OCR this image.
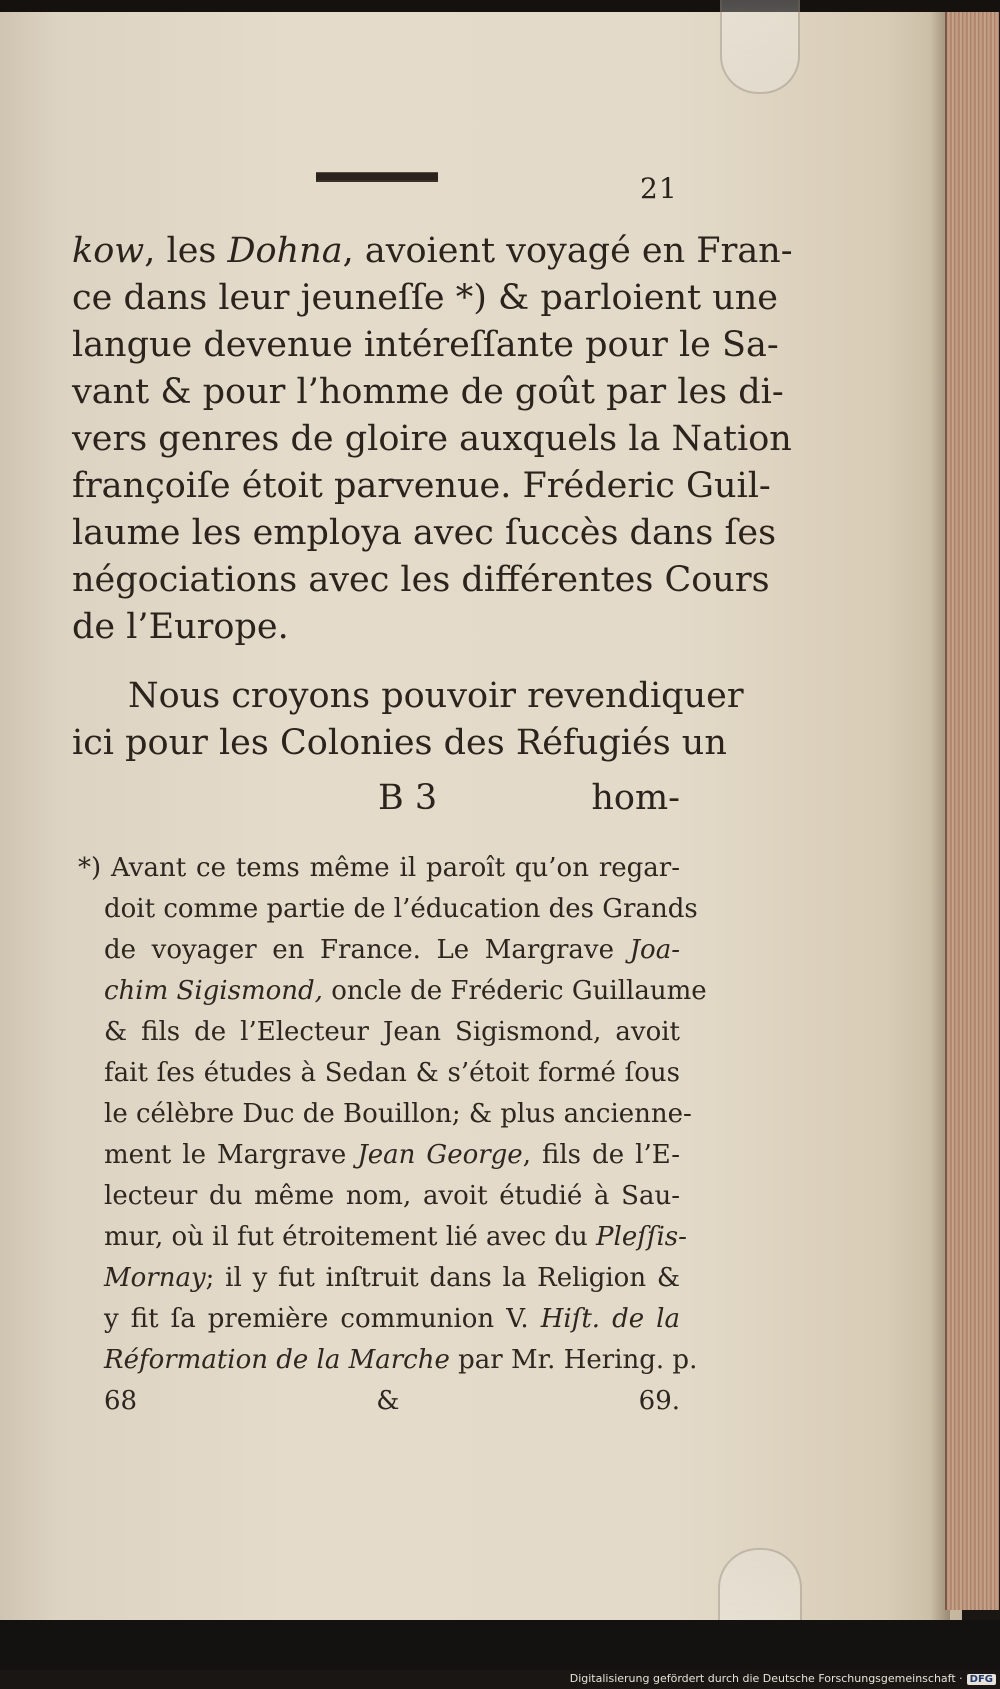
21
kow, les Dohna, avoient voyagé en Fran-
ce dans leur jeuneſſe *) & parloient une
langue devenue intéreſſante pour le Sa-
vant & pour l’homme de goût par les di-
vers genres de gloire auxquels la Nation
françoiſe étoit parvenue. Fréderic Guil-
laume les employa avec ſuccès dans ſes
négociations avec les différentes Cours
de l’Europe.
Nous croyons pouvoir revendiquer
ici pour les Colonies des Réfugiés un
B 3	hom-
*) Avant ce tems même il paroît qu’on regar-
doit comme partie de l’éducation des Grands
de voyager en France. Le Margrave Joa-
chim Sigismond, oncle de Fréderic Guillaume
& fils de l’Electeur Jean Sigismond, avoit
fait ſes études à Sedan & s’étoit formé ſous
le célèbre Duc de Bouillon; & plus ancienne-
ment le Margrave Jean George, fils de l’E-
lecteur du même nom, avoit étudié à Sau-
mur, où il fut étroitement lié avec du Pleſſis-
Mornay; il y fut inſtruit dans la Religion &
y fit ſa première communion V. Hiſt. de la
Réformation de la Marche par Mr. Hering. p.
68 & 69.
Digitalisierung gefördert durch die Deutsche Forschungsgemeinschaft · DFG
